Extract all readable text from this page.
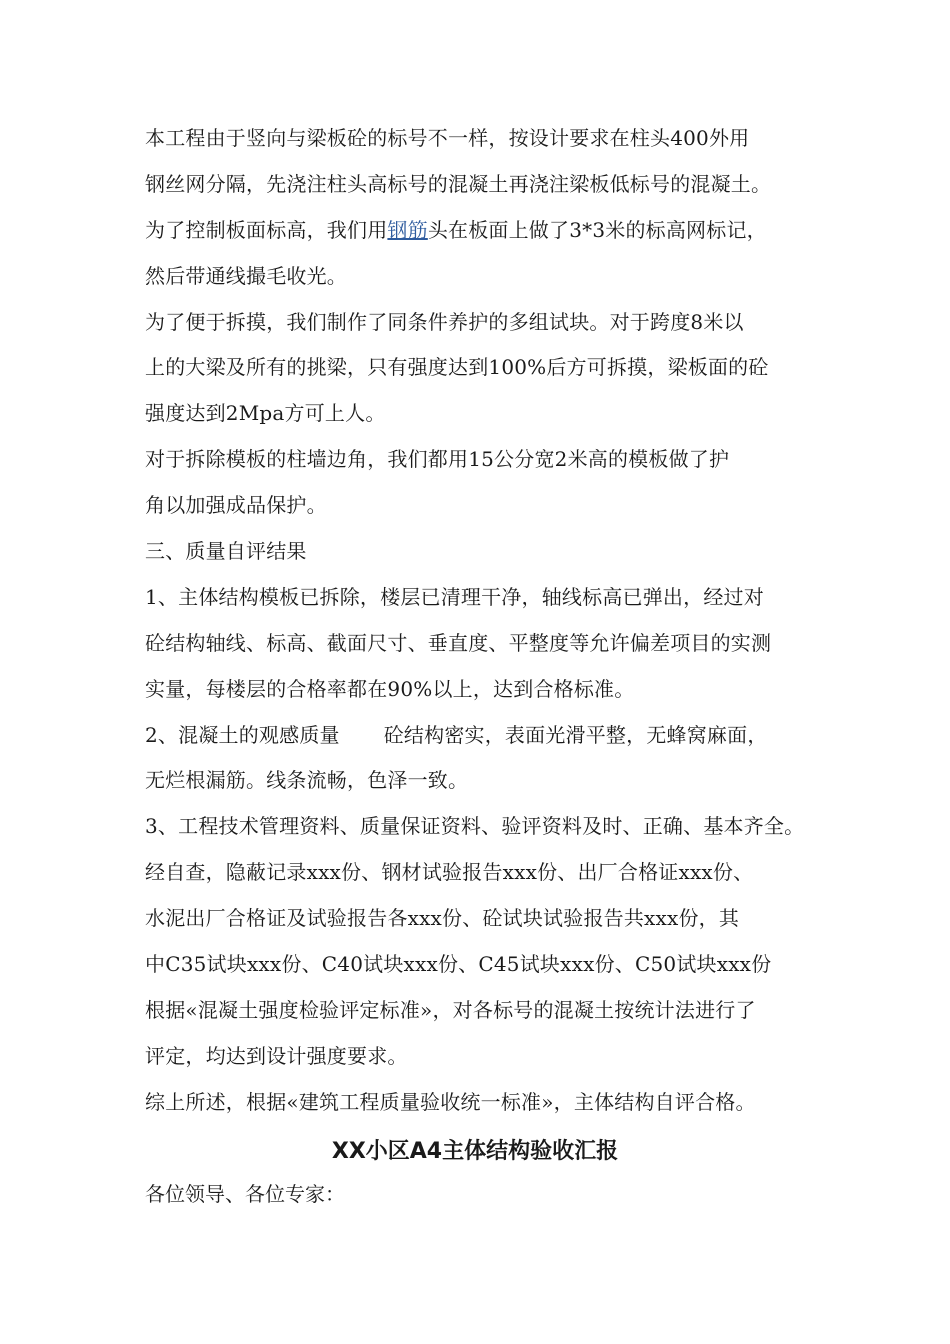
本工程由于竖向与梁板砼的标号不一样，按设计要求在柱头400外用
钢丝网分隔，先浇注柱头高标号的混凝土再浇注梁板低标号的混凝土。
为了控制板面标高，我们用钢筋头在板面上做了3*3米的标高网标记，
然后带通线撮毛收光。
为了便于拆摸，我们制作了同条件养护的多组试块。对于跨度8米以
上的大梁及所有的挑梁，只有强度达到100%后方可拆摸，梁板面的砼
强度达到2Mpa方可上人。
对于拆除模板的柱墙边角，我们都用15公分宽2米高的模板做了护
角以加强成品保护。
三、质量自评结果
1、主体结构模板已拆除，楼层已清理干净，轴线标高已弹出，经过对
砼结构轴线、标高、截面尺寸、垂直度、平整度等允许偏差项目的实测
实量，每楼层的合格率都在90%以上，达到合格标准。
2、混凝土的观感质量 砼结构密实，表面光滑平整，无蜂窝麻面，
无烂根漏筋。线条流畅，色泽一致。
3、工程技术管理资料、质量保证资料、验评资料及时、正确、基本齐全。
经自查，隐蔽记录xxx份、钢材试验报告xxx份、出厂合格证xxx份、
水泥出厂合格证及试验报告各xxx份、砼试块试验报告共xxx份，其
中C35试块xxx份、C40试块xxx份、C45试块xxx份、C50试块xxx份
根据«混凝土强度检验评定标准»，对各标号的混凝土按统计法进行了
评定，均达到设计强度要求。
综上所述，根据«建筑工程质量验收统一标准»，主体结构自评合格。
XX小区A4主体结构验收汇报
各位领导、各位专家：
